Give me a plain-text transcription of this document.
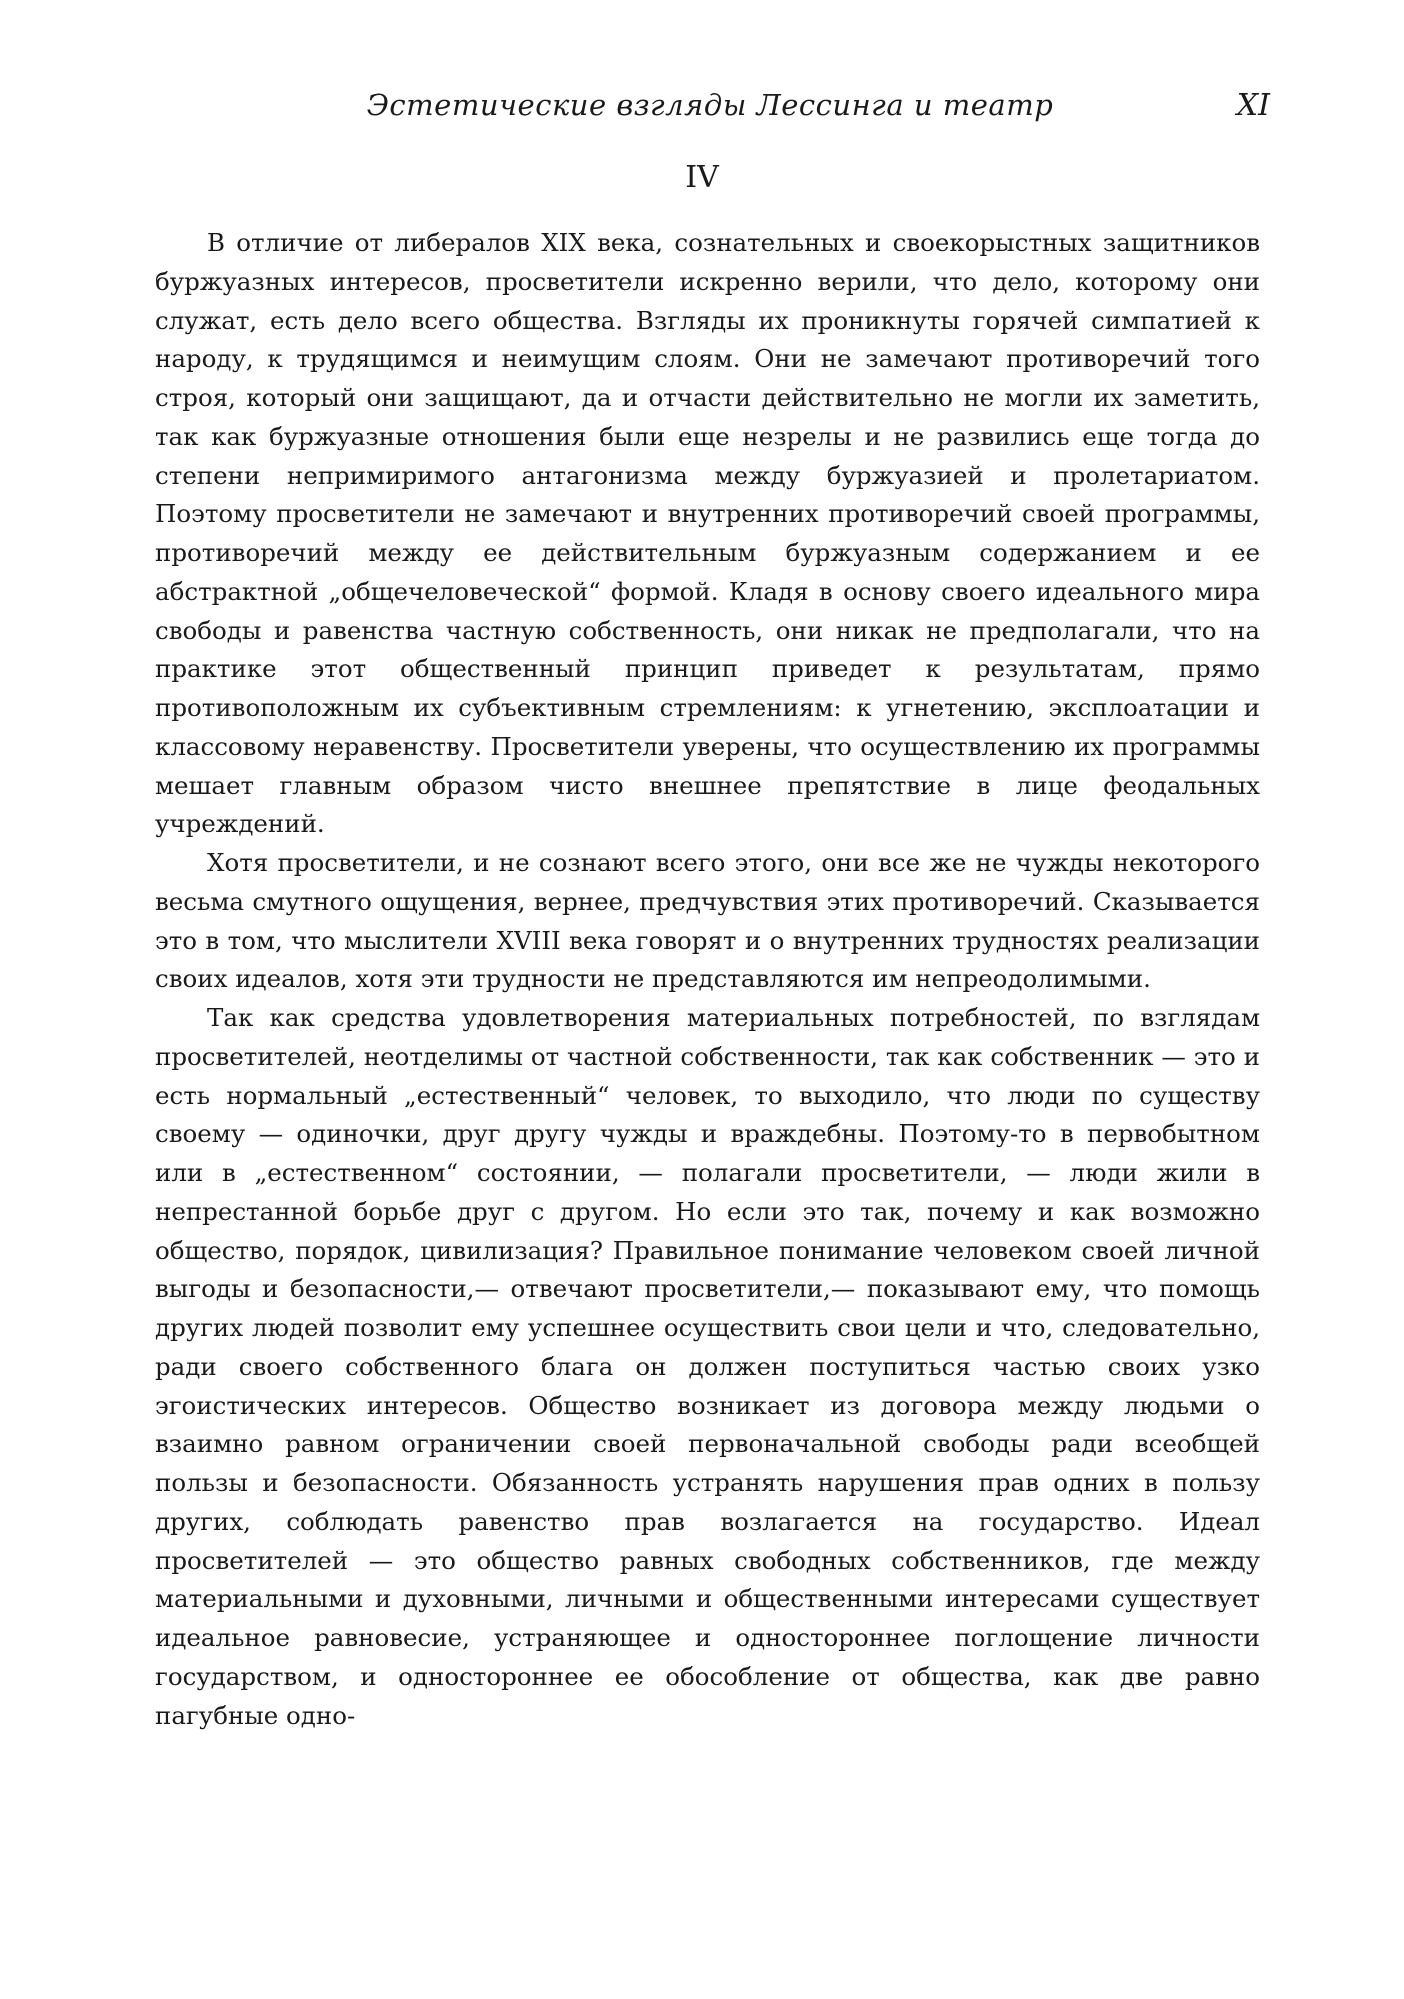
Эстетические взгляды Лессинга и театр	XI
IV

В отличие от либералов XIX века, сознательных и своекорыстных защитников буржуазных интересов, просветители искренно верили, что дело, которому они служат, есть дело всего общества. Взгляды их проникнуты горячей симпатией к народу, к трудящимся и неимущим слоям. Они не замечают противоречий того строя, который они защищают, да и отчасти действительно не могли их заметить, так как буржуазные отношения были еще незрелы и не развились еще тогда до степени непримиримого антагонизма между буржуазией и пролетариатом. Поэтому просветители не замечают и внутренних противоречий своей программы, противоречий между ее действительным буржуазным содержанием и ее абстрактной „общечеловеческой“ формой. Кладя в основу своего идеального мира свободы и равенства частную собственность, они никак не предполагали, что на практике этот общественный принцип приведет к результатам, прямо противоположным их субъективным стремлениям: к угнетению, эксплоатации и классовому неравенству. Просветители уверены, что осуществлению их программы мешает главным образом чисто внешнее препятствие в лице феодальных учреждений.

Хотя просветители, и не сознают всего этого, они все же не чужды некоторого весьма смутного ощущения, вернее, предчувствия этих противоречий. Сказывается это в том, что мыслители XVIII века говорят и о внутренних трудностях реализации своих идеалов, хотя эти трудности не представляются им непреодолимыми.

Так как средства удовлетворения материальных потребностей, по взглядам просветителей, неотделимы от частной собственности, так как собственник — это и есть нормальный „естественный“ человек, то выходило, что люди по существу своему — одиночки, друг другу чужды и враждебны. Поэтому-то в первобытном или в „естественном“ состоянии, — полагали просветители, — люди жили в непрестанной борьбе друг с другом. Но если это так, почему и как возможно общество, порядок, цивилизация? Правильное понимание человеком своей личной выгоды и безопасности,— отвечают просветители,— показывают ему, что помощь других людей позволит ему успешнее осуществить свои цели и что, следовательно, ради своего собственного блага он должен поступиться частью своих узко эгоистических интересов. Общество возникает из договора между людьми о взаимно равном ограничении своей первоначальной свободы ради всеобщей пользы и безопасности. Обязанность устранять нарушения прав одних в пользу других, соблюдать равенство прав возлагается на государство. Идеал просветителей — это общество равных свободных собственников, где между материальными и духовными, личными и общественными интересами существует идеальное равновесие, устраняющее и одностороннее поглощение личности государством, и одностороннее ее обособление от общества, как две равно пагубные одно-
